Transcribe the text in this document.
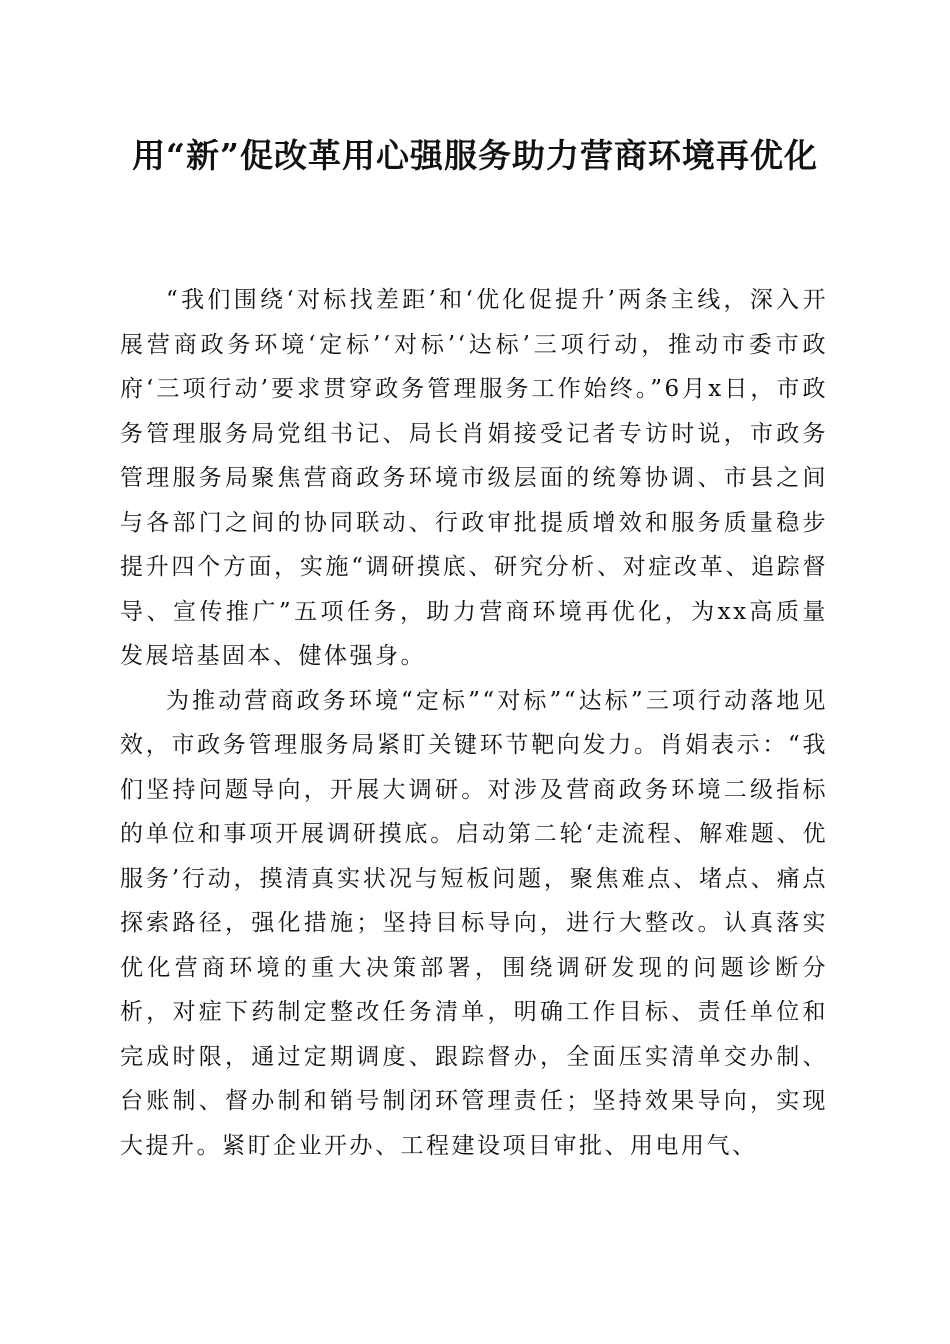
用“新”促改革用心强服务助力营商环境再优化

“我们围绕‘对标找差距’和‘优化促提升’两条主线，深入开展营商政务环境‘定标’‘对标’‘达标’三项行动，推动市委市政府‘三项行动’要求贯穿政务管理服务工作始终。”6月x日，市政务管理服务局党组书记、局长肖娟接受记者专访时说，市政务管理服务局聚焦营商政务环境市级层面的统筹协调、市县之间与各部门之间的协同联动、行政审批提质增效和服务质量稳步提升四个方面，实施“调研摸底、研究分析、对症改革、追踪督导、宣传推广”五项任务，助力营商环境再优化，为xx高质量发展培基固本、健体强身。

为推动营商政务环境“定标”“对标”“达标”三项行动落地见效，市政务管理服务局紧盯关键环节靶向发力。肖娟表示：“我们坚持问题导向，开展大调研。对涉及营商政务环境二级指标的单位和事项开展调研摸底。启动第二轮‘走流程、解难题、优服务’行动，摸清真实状况与短板问题，聚焦难点、堵点、痛点探索路径，强化措施；坚持目标导向，进行大整改。认真落实优化营商环境的重大决策部署，围绕调研发现的问题诊断分析，对症下药制定整改任务清单，明确工作目标、责任单位和完成时限，通过定期调度、跟踪督办，全面压实清单交办制、台账制、督办制和销号制闭环管理责任；坚持效果导向，实现大提升。紧盯企业开办、工程建设项目审批、用电用气、
